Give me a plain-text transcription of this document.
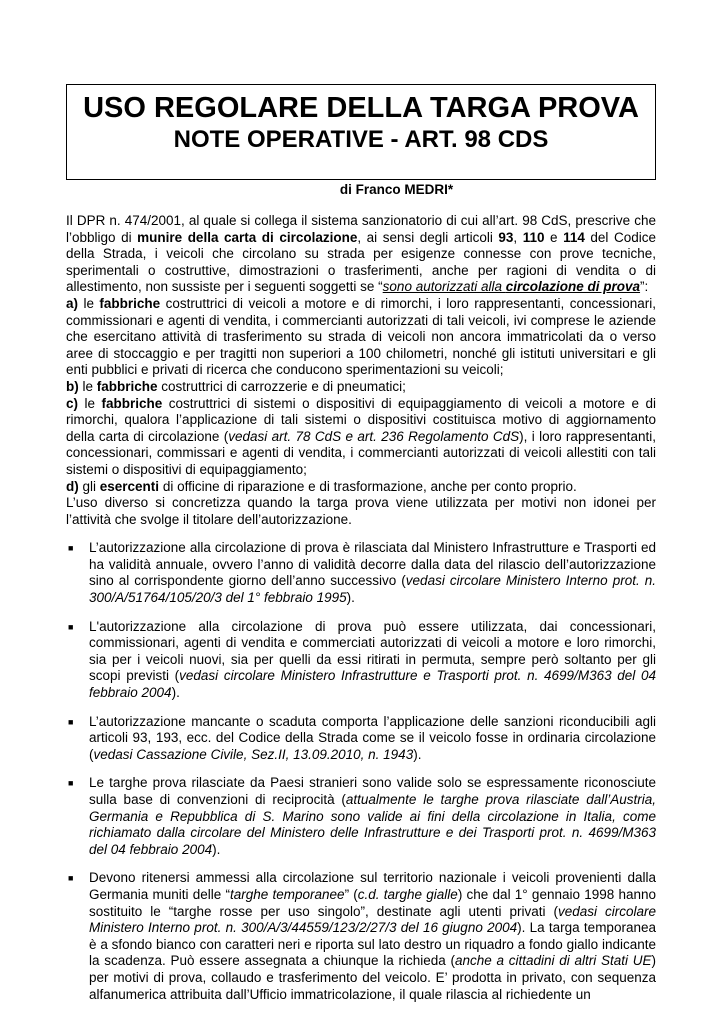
USO REGOLARE DELLA TARGA PROVA
NOTE OPERATIVE - ART. 98 CDS
di Franco MEDRI*

Il DPR n. 474/2001, al quale si collega il sistema sanzionatorio di cui all’art. 98 CdS, prescrive che l’obbligo di munire della carta di circolazione, ai sensi degli articoli 93, 110 e 114 del Codice della Strada, i veicoli che circolano su strada per esigenze connesse con prove tecniche, sperimentali o costruttive, dimostrazioni o trasferimenti, anche per ragioni di vendita o di allestimento, non sussiste per i seguenti soggetti se “sono autorizzati alla circolazione di prova”:

a) le fabbriche costruttrici di veicoli a motore e di rimorchi, i loro rappresentanti, concessionari, commissionari e agenti di vendita, i commercianti autorizzati di tali veicoli, ivi comprese le aziende che esercitano attività di trasferimento su strada di veicoli non ancora immatricolati da o verso aree di stoccaggio e per tragitti non superiori a 100 chilometri, nonché gli istituti universitari e gli enti pubblici e privati di ricerca che conducono sperimentazioni su veicoli;

b) le fabbriche costruttrici di carrozzerie e di pneumatici;

c) le fabbriche costruttrici di sistemi o dispositivi di equipaggiamento di veicoli a motore e di rimorchi, qualora l’applicazione di tali sistemi o dispositivi costituisca motivo di aggiornamento della carta di circolazione (vedasi art. 78 CdS e art. 236 Regolamento CdS), i loro rappresentanti, concessionari, commissari e agenti di vendita, i commercianti autorizzati di veicoli allestiti con tali sistemi o dispositivi di equipaggiamento;

d) gli esercenti di officine di riparazione e di trasformazione, anche per conto proprio.

L’uso diverso si concretizza quando la targa prova viene utilizzata per motivi non idonei per l’attività che svolge il titolare dell’autorizzazione.

■ L’autorizzazione alla circolazione di prova è rilasciata dal Ministero Infrastrutture e Trasporti ed ha validità annuale, ovvero l’anno di validità decorre dalla data del rilascio dell’autorizzazione sino al corrispondente giorno dell’anno successivo (vedasi circolare Ministero Interno prot. n. 300/A/51764/105/20/3 del 1° febbraio 1995).
■ L'autorizzazione alla circolazione di prova può essere utilizzata, dai concessionari, commissionari, agenti di vendita e commerciati autorizzati di veicoli a motore e loro rimorchi, sia per i veicoli nuovi, sia per quelli da essi ritirati in permuta, sempre però soltanto per gli scopi previsti (vedasi circolare Ministero Infrastrutture e Trasporti prot. n. 4699/M363 del 04 febbraio 2004).
■ L’autorizzazione mancante o scaduta comporta l’applicazione delle sanzioni riconducibili agli articoli 93, 193, ecc. del Codice della Strada come se il veicolo fosse in ordinaria circolazione (vedasi Cassazione Civile, Sez.II, 13.09.2010, n. 1943).
■ Le targhe prova rilasciate da Paesi stranieri sono valide solo se espressamente riconosciute sulla base di convenzioni di reciprocità (attualmente le targhe prova rilasciate dall’Austria, Germania e Repubblica di S. Marino sono valide ai fini della circolazione in Italia, come richiamato dalla circolare del Ministero delle Infrastrutture e dei Trasporti prot. n. 4699/M363 del 04 febbraio 2004).
■ Devono ritenersi ammessi alla circolazione sul territorio nazionale i veicoli provenienti dalla Germania muniti delle “targhe temporanee” (c.d. targhe gialle) che dal 1° gennaio 1998 hanno sostituito le “targhe rosse per uso singolo”, destinate agli utenti privati (vedasi circolare Ministero Interno prot. n. 300/A/3/44559/123/2/27/3 del 16 giugno 2004). La targa temporanea è a sfondo bianco con caratteri neri e riporta sul lato destro un riquadro a fondo giallo indicante la scadenza. Può essere assegnata a chiunque la richieda (anche a cittadini di altri Stati UE) per motivi di prova, collaudo e trasferimento del veicolo. E’ prodotta in privato, con sequenza alfanumerica attribuita dall’Ufficio immatricolazione, il quale rilascia al richiedente un
